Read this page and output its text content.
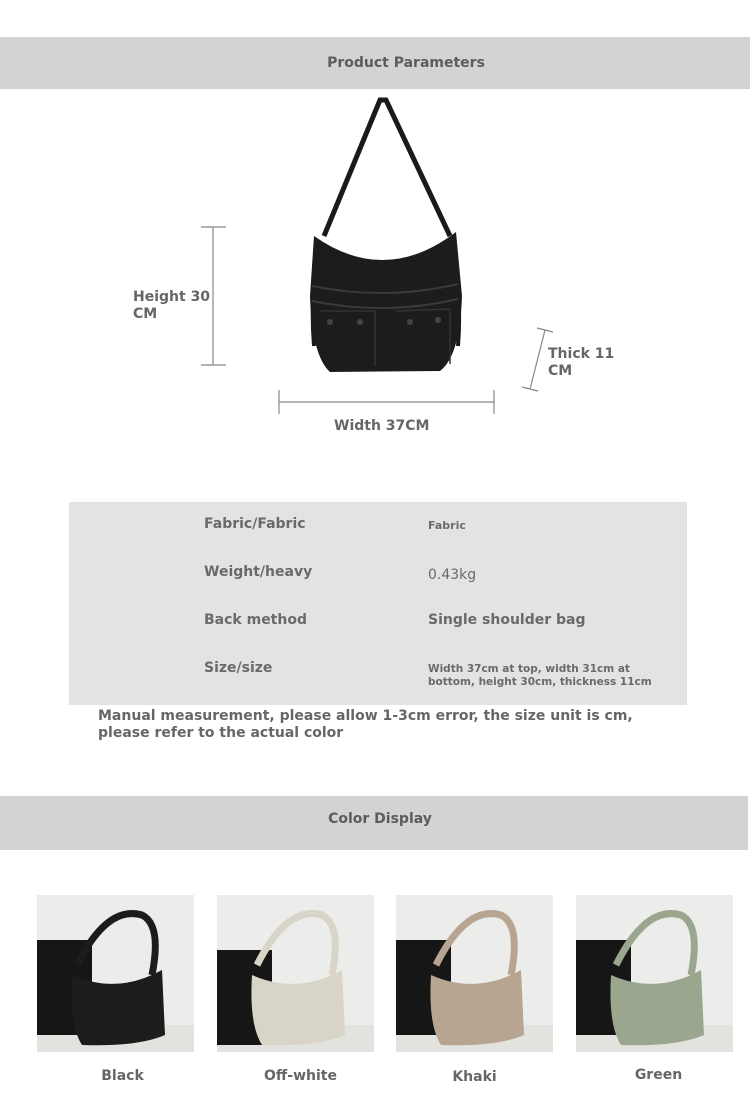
Product Parameters
Height 30 CM
Thick 11 CM
Width 37CM
Fabric/Fabric	Fabric
Weight/heavy	0.43kg
Back method	Single shoulder bag
Size/size	Width 37cm at top, width 31cm at bottom, height 30cm, thickness 11cm
Manual measurement, please allow 1-3cm error, the size unit is cm, please refer to the actual color
Color Display
Black	Off-white	Khaki	Green
